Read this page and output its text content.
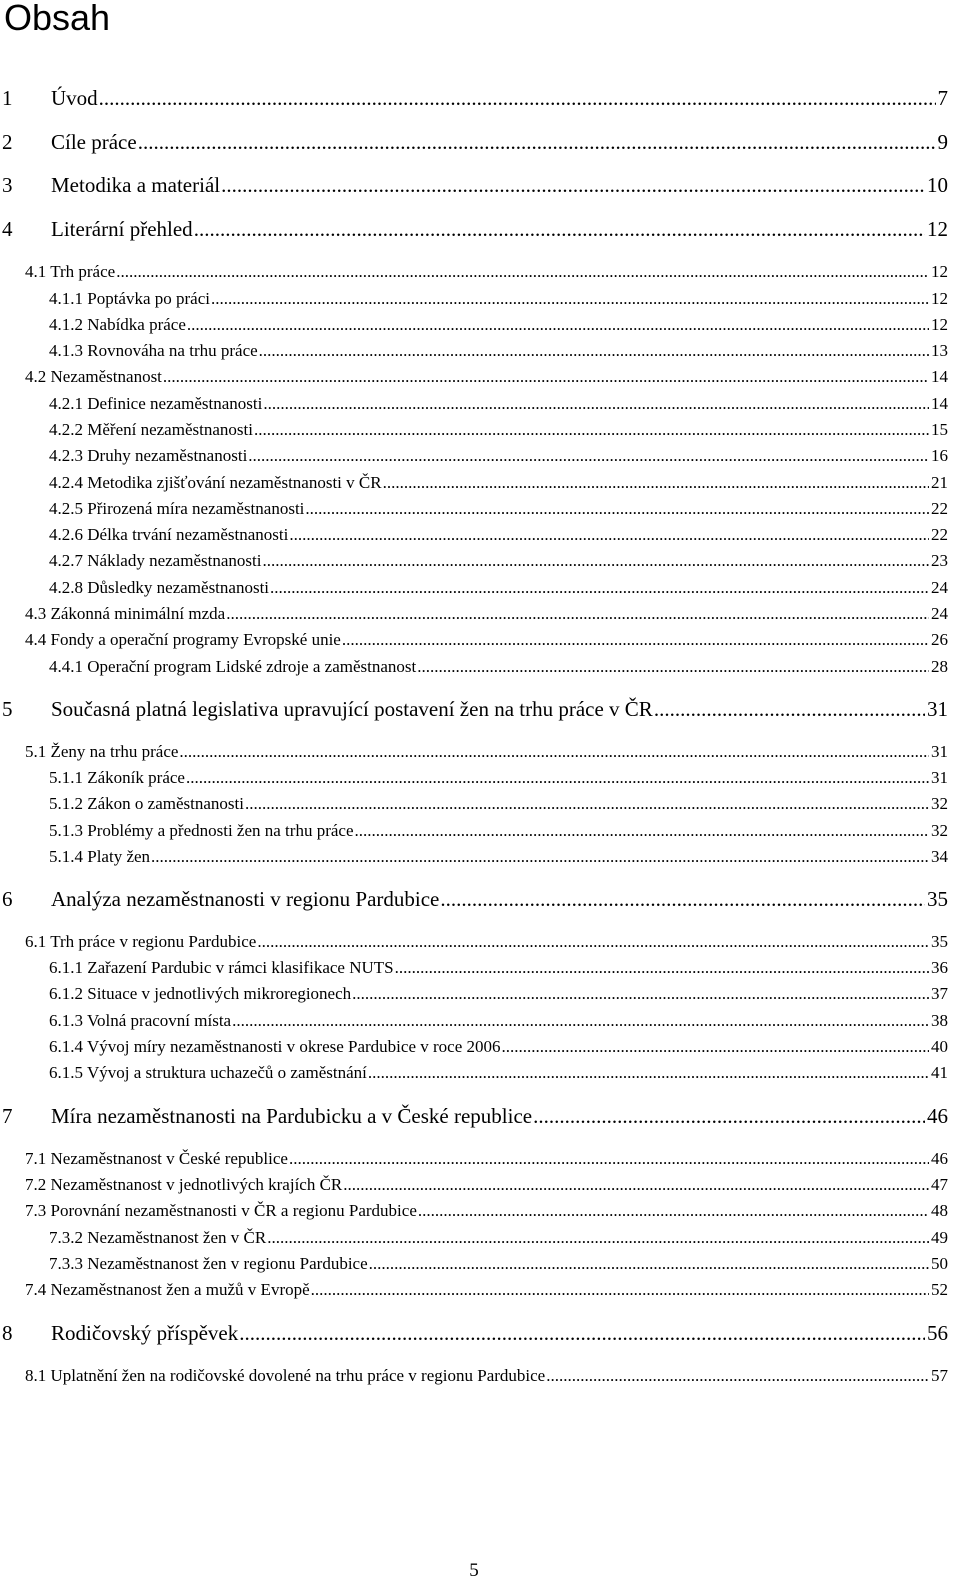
Obsah
1	Úvod .....	7
2	Cíle práce .....	9
3	Metodika a materiál .....	10
4	Literární přehled .....	12
4.1 Trh práce .....	12
4.1.1 Poptávka po práci .....	12
4.1.2 Nabídka práce .....	12
4.1.3 Rovnováha na trhu práce .....	13
4.2 Nezaměstnanost .....	14
4.2.1 Definice nezaměstnanosti .....	14
4.2.2 Měření nezaměstnanosti .....	15
4.2.3 Druhy nezaměstnanosti .....	16
4.2.4 Metodika zjišťování nezaměstnanosti v ČR .....	21
4.2.5 Přirozená míra nezaměstnanosti .....	22
4.2.6 Délka trvání nezaměstnanosti .....	22
4.2.7 Náklady nezaměstnanosti .....	23
4.2.8 Důsledky nezaměstnanosti .....	24
4.3 Zákonná minimální mzda .....	24
4.4 Fondy a operační programy Evropské unie .....	26
4.4.1 Operační program Lidské zdroje a zaměstnanost .....	28
5	Současná platná legislativa upravující postavení žen na trhu práce v ČR .....	31
5.1 Ženy na trhu práce .....	31
5.1.1 Zákoník práce .....	31
5.1.2 Zákon o zaměstnanosti .....	32
5.1.3 Problémy a přednosti žen na trhu práce .....	32
5.1.4 Platy žen .....	34
6	Analýza nezaměstnanosti v regionu Pardubice .....	35
6.1 Trh práce v regionu Pardubice .....	35
6.1.1 Zařazení Pardubic v rámci klasifikace NUTS .....	36
6.1.2 Situace v jednotlivých mikroregionech .....	37
6.1.3 Volná pracovní místa .....	38
6.1.4 Vývoj míry nezaměstnanosti v okrese Pardubice v roce 2006 .....	40
6.1.5 Vývoj a struktura uchazečů o zaměstnání .....	41
7	Míra nezaměstnanosti na Pardubicku a v České republice .....	46
7.1 Nezaměstnanost v České republice .....	46
7.2 Nezaměstnanost v jednotlivých krajích ČR .....	47
7.3 Porovnání nezaměstnanosti v ČR a regionu Pardubice .....	48
7.3.2 Nezaměstnanost žen v ČR .....	49
7.3.3 Nezaměstnanost žen v regionu Pardubice .....	50
7.4 Nezaměstnanost žen a mužů v Evropě .....	52
8	Rodičovský příspěvek .....	56
8.1 Uplatnění žen na rodičovské dovolené na trhu práce v regionu Pardubice .....	57
5
